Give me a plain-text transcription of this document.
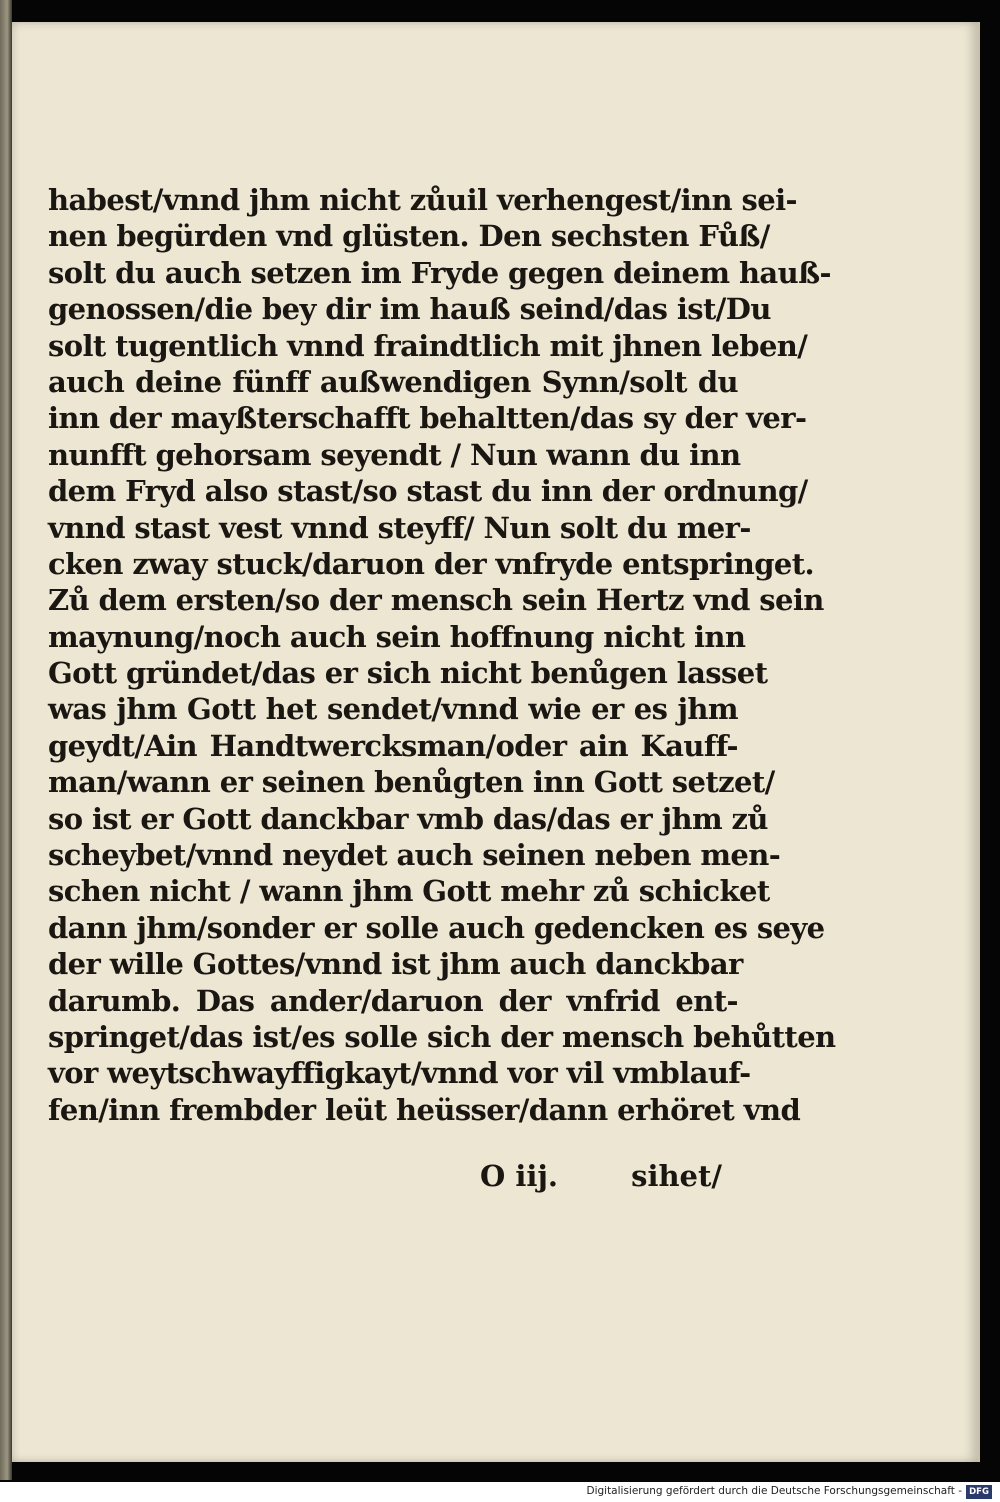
habest/vnnd jhm nicht zůuil verhengest/inn sei-
nen begürden vnd glüsten. Den sechsten Fůß/
solt du auch setzen im Fryde gegen deinem hauß-
genossen/die bey dir im hauß seind/das ist/Du
solt tugentlich vnnd fraindtlich mit jhnen leben/
auch deine fünff außwendigen Synn/solt du
inn der mayßterschafft behaltten/das sy der ver-
nunfft gehorsam seyendt / Nun wann du inn
dem Fryd also stast/so stast du inn der ordnung/
vnnd stast vest vnnd steyff/ Nun solt du mer-
cken zway stuck/daruon der vnfryde entspringet.
Zů dem ersten/so der mensch sein Hertz vnd sein
maynung/noch auch sein hoffnung nicht inn
Gott gründet/das er sich nicht benůgen lasset
was jhm Gott het sendet/vnnd wie er es jhm
geydt/Ain Handtwercksman/oder ain Kauff-
man/wann er seinen benůgten inn Gott setzet/
so ist er Gott danckbar vmb das/das er jhm zů
scheybet/vnnd neydet auch seinen neben men-
schen nicht / wann jhm Gott mehr zů schicket
dann jhm/sonder er solle auch gedencken es seye
der wille Gottes/vnnd ist jhm auch danckbar
darumb. Das ander/daruon der vnfrid ent-
springet/das ist/es solle sich der mensch behůtten
vor weytschwayffigkayt/vnnd vor vil vmblauf-
fen/inn frembder leüt heüsser/dann erhöret vnd
O iij.	sihet/
Digitalisierung gefördert durch die Deutsche Forschungsgemeinschaft - DFG
